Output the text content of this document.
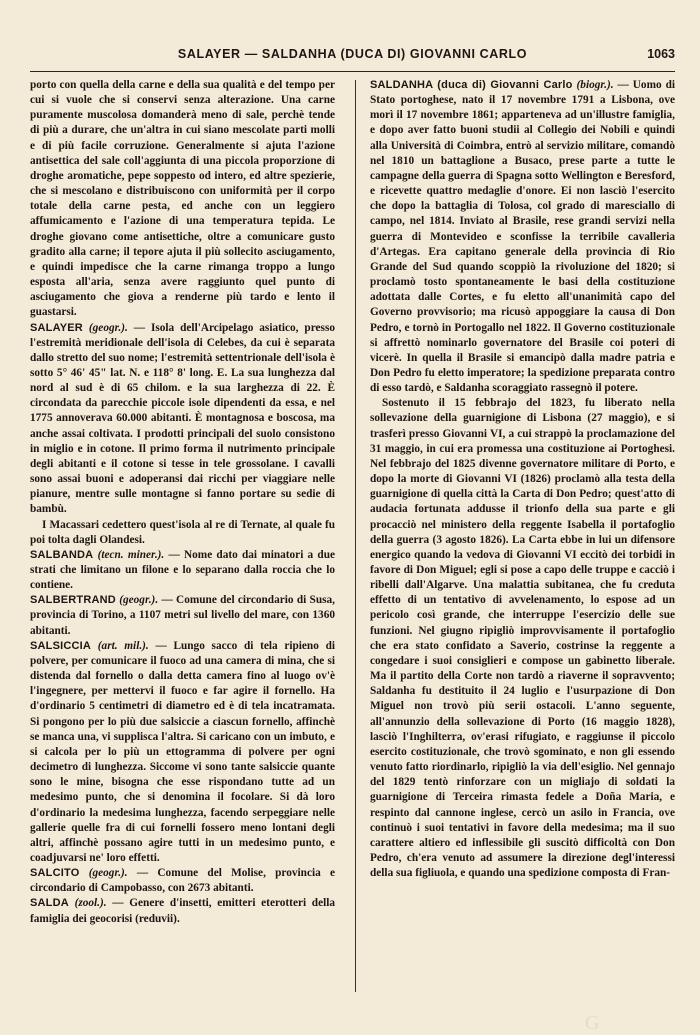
SALAYER — SALDANHA (DUCA DI) GIOVANNI CARLO	1063

porto con quella della carne e della sua qualità e del tempo per cui si vuole che si conservi senza alterazione. Una carne puramente muscolosa domanderà meno di sale, perchè tende di più a durare, che un'altra in cui siano mescolate parti molli e di più facile corruzione. Generalmente si ajuta l'azione antisettica del sale coll'aggiunta di una piccola proporzione di droghe aromatiche, pepe soppesto od intero, ed altre spezierie, che si mescolano e distribuiscono con uniformità per il corpo totale della carne pesta, ed anche con un leggiero affumicamento e l'azione di una temperatura tepida. Le droghe giovano come antisettiche, oltre a comunicare gusto gradito alla carne; il tepore ajuta il più sollecito asciugamento, e quindi impedisce che la carne rimanga troppo a lungo esposta all'aria, senza avere raggiunto quel punto di asciugamento che giova a renderne più tardo e lento il guastarsi.

SALAYER (geogr.). — Isola dell'Arcipelago asiatico, presso l'estremità meridionale dell'isola di Celebes, da cui è separata dallo stretto del suo nome; l'estremità settentrionale dell'isola è sotto 5° 46' 45" lat. N. e 118° 8' long. E. La sua lunghezza dal nord al sud è di 65 chilom. e la sua larghezza di 22. È circondata da parecchie piccole isole dipendenti da essa, e nel 1775 annoverava 60.000 abitanti. È montagnosa e boscosa, ma anche assai coltivata. I prodotti principali del suolo consistono in miglio e in cotone. Il primo forma il nutrimento principale degli abitanti e il cotone si tesse in tele grossolane. I cavalli sono assai buoni e adoperansi dai ricchi per viaggiare nelle pianure, mentre sulle montagne si fanno portare su sedie di bambù.

I Macassari cedettero quest'isola al re di Ternate, al quale fu poi tolta dagli Olandesi.

SALBANDA (tecn. miner.). — Nome dato dai minatori a due strati che limitano un filone e lo separano dalla roccia che lo contiene.

SALBERTRAND (geogr.). — Comune del circondario di Susa, provincia di Torino, a 1107 metri sul livello del mare, con 1360 abitanti.

SALSICCIA (art. mil.). — Lungo sacco di tela ripieno di polvere, per comunicare il fuoco ad una camera di mina, che si distenda dal fornello o dalla detta camera fino al luogo ov'è l'ingegnere, per mettervi il fuoco e far agire il fornello. Ha d'ordinario 5 centimetri di diametro ed è di tela incatramata. Si pongono per lo più due salsiccie a ciascun fornello, affinchè se manca una, vi supplisca l'altra. Si caricano con un imbuto, e si calcola per lo più un ettogramma di polvere per ogni decimetro di lunghezza. Siccome vi sono tante salsiccie quante sono le mine, bisogna che esse rispondano tutte ad un medesimo punto, che si denomina il focolare. Si dà loro d'ordinario la medesima lunghezza, facendo serpeggiare nelle gallerie quelle fra di cui fornelli fossero meno lontani degli altri, affinchè possano agire tutti in un medesimo punto, e coadjuvarsi ne' loro effetti.

SALCITO (geogr.). — Comune del Molise, provincia e circondario di Campobasso, con 2673 abitanti.

SALDA (zool.). — Genere d'insetti, emitteri eterotteri della famiglia dei geocorisi (reduvii).

SALDANHA (duca di) Giovanni Carlo (biogr.). — Uomo di Stato portoghese, nato il 17 novembre 1791 a Lisbona, ove morì il 17 novembre 1861; apparteneva ad un'illustre famiglia, e dopo aver fatto buoni studii al Collegio dei Nobili e quindi alla Università di Coimbra, entrò al servizio militare, comandò nel 1810 un battaglione a Busaco, prese parte a tutte le campagne della guerra di Spagna sotto Wellington e Beresford, e ricevette quattro medaglie d'onore. Ei non lasciò l'esercito che dopo la battaglia di Tolosa, col grado di maresciallo di campo, nel 1814. Inviato al Brasile, rese grandi servizi nella guerra di Montevideo e sconfisse la terribile cavalleria d'Artegas. Era capitano generale della provincia di Rio Grande del Sud quando scoppiò la rivoluzione del 1820; si proclamò tosto spontaneamente le basi della costituzione adottata dalle Cortes, e fu eletto all'unanimità capo del Governo provvisorio; ma ricusò appoggiare la causa di Don Pedro, e tornò in Portogallo nel 1822. Il Governo costituzionale si affrettò nominarlo governatore del Brasile coi poteri di vicerè. In quella il Brasile si emancipò dalla madre patria e Don Pedro fu eletto imperatore; la spedizione preparata contro di esso tardò, e Saldanha scoraggiato rassegnò il potere.

Sostenuto il 15 febbrajo del 1823, fu liberato nella sollevazione della guarnigione di Lisbona (27 maggio), e si trasferì presso Giovanni VI, a cui strappò la proclamazione del 31 maggio, in cui era promessa una costituzione ai Portoghesi. Nel febbrajo del 1825 divenne governatore militare di Porto, e dopo la morte di Giovanni VI (1826) proclamò alla testa della guarnigione di quella città la Carta di Don Pedro; quest'atto di audacia fortunata addusse il trionfo della sua parte e gli procacciò nel ministero della reggente Isabella il portafoglio della guerra (3 agosto 1826). La Carta ebbe in lui un difensore energico quando la vedova di Giovanni VI eccitò dei torbidi in favore di Don Miguel; egli si pose a capo delle truppe e cacciò i ribelli dall'Algarve. Una malattia subitanea, che fu creduta effetto di un tentativo di avvelenamento, lo espose ad un pericolo così grande, che interruppe l'esercizio delle sue funzioni. Nel giugno ripigliò improvvisamente il portafoglio che era stato confidato a Saverio, costrinse la reggente a congedare i suoi consiglieri e compose un gabinetto liberale. Ma il partito della Corte non tardò a riaverne il sopravvento; Saldanha fu destituito il 24 luglio e l'usurpazione di Don Miguel non trovò più serii ostacoli. L'anno seguente, all'annunzio della sollevazione di Porto (16 maggio 1828), lasciò l'Inghilterra, ov'erasi rifugiato, e raggiunse il piccolo esercito costituzionale, che trovò sgominato, e non gli essendo venuto fatto riordinarlo, ripigliò la via dell'esiglio. Nel gennajo del 1829 tentò rinforzare con un migliajo di soldati la guarnigione di Terceira rimasta fedele a Doña Maria, e respinto dal cannone inglese, cercò un asilo in Francia, ove continuò i suoi tentativi in favore della medesima; ma il suo carattere altiero ed inflessibile gli suscitò difficoltà con Don Pedro, ch'era venuto ad assumere la direzione degl'interessi della sua figliuola, e quando una spedizione composta di Fran-

G
